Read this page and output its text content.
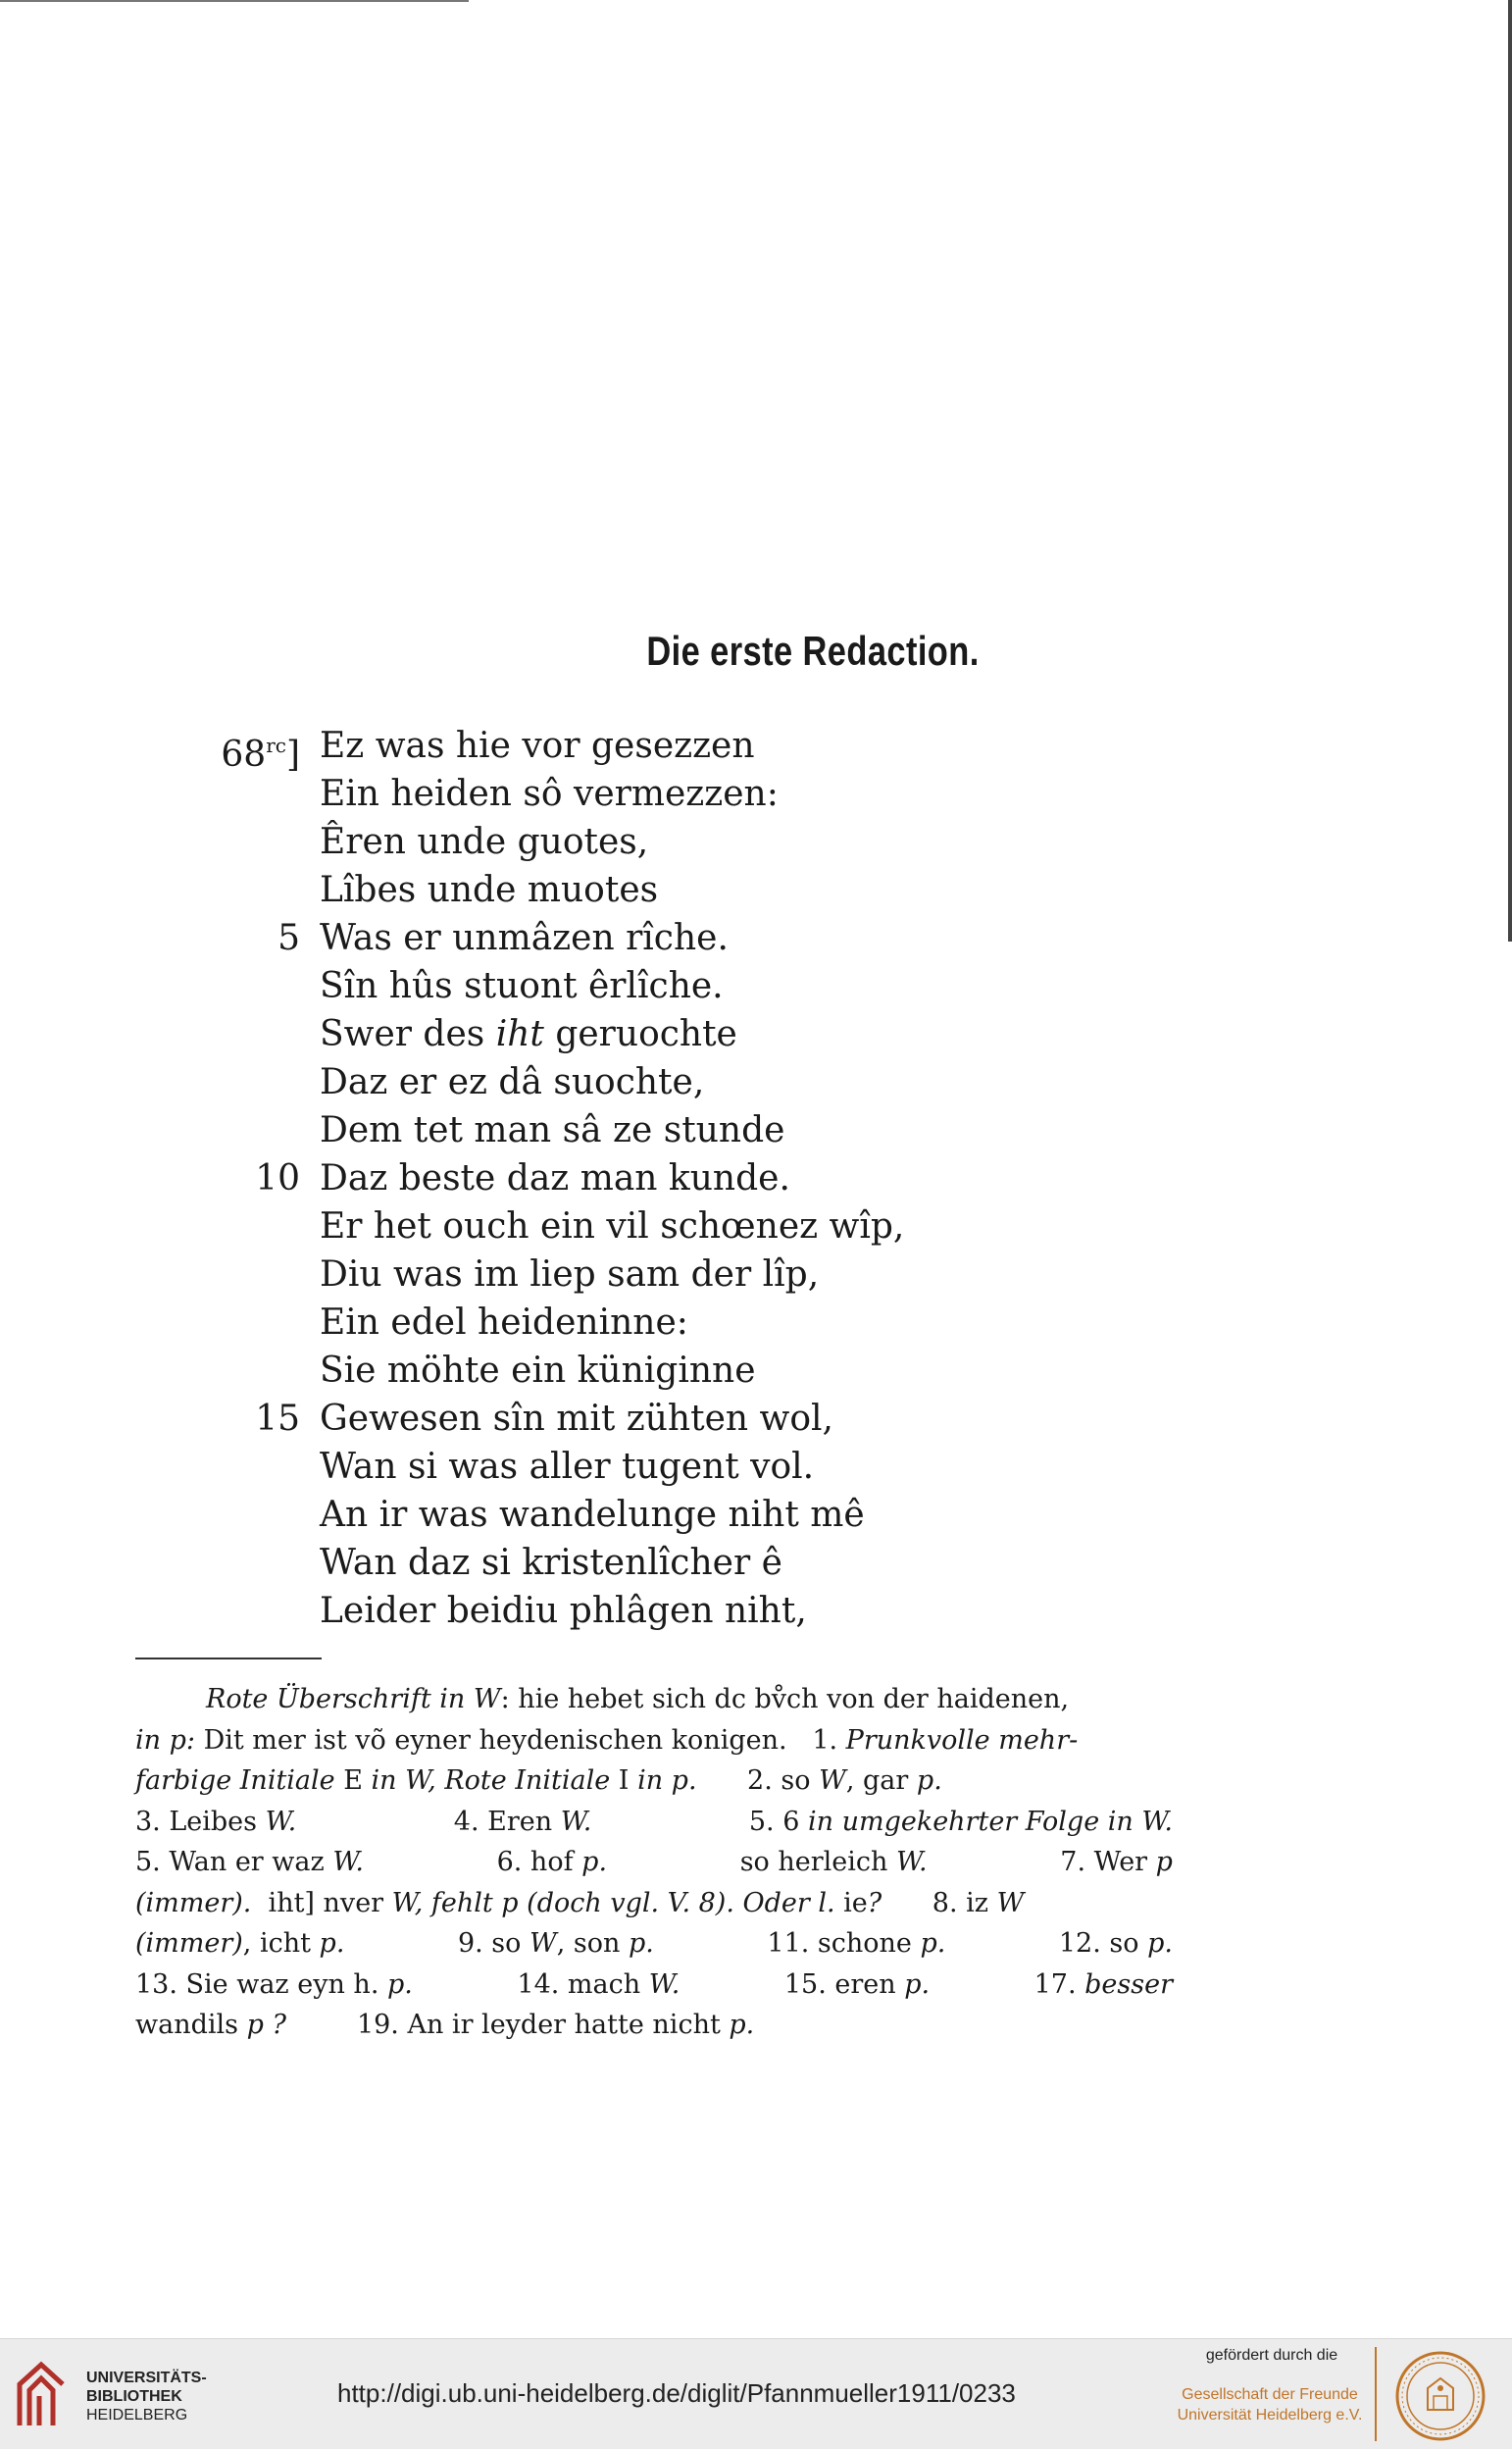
Die erste Redaction.
$68^{rc}$] Ez was hie vor gesezzen
Ein heiden sô vermezzen:
Êren unde guotes,
Lîbes unde muotes
5 Was er unmâzen rîche.
Sîn hûs stuont êrlîche.
Swer des iht geruochte
Daz er ez dâ suochte,
Dem tet man sâ ze stunde
10 Daz beste daz man kunde.
Er het ouch ein vil schœnez wîp,
Diu was im liep sam der lîp,
Ein edel heideninne:
Sie möhte ein küniginne
15 Gewesen sîn mit zühten wol,
Wan si was aller tugent vol.
An ir was wandelunge niht mê
Wan daz si kristenlîcher ê
Leider beidiu phlâgen niht,
Rote Überschrift in W : hie hebet sich dc bv̊ch von der haidenen,
in p: Dit mer ist võ eyner heydenischen konigen.   1. Prunkvolle mehr-
farbige Initiale E in W, Rote Initiale I in p. 2. so W , gar p.
3. Leibes W.	4. Eren W.	5. 6 in umgekehrter Folge in W.
5. Wan er waz W.	6. hof p.	so herleich W.	7. Wer p
(immer). iht] nver W, fehlt p (doch vgl. V. 8). Oder l. ie ? 8. iz W
(immer), icht p.	9. so W, son p.	11. schone p.	12. so p.
13. Sie waz eyn h. p.	14. mach W.	15. eren p.	17. besser
wandils p ?	19. An ir leyder hatte nicht p.
UNIVERSITÄTS-
BIBLIOTHEK
HEIDELBERG
http://digi.ub.uni-heidelberg.de/diglit/Pfannmueller1911/0233
gefördert durch die
Gesellschaft der Freunde
Universität Heidelberg e.V.
